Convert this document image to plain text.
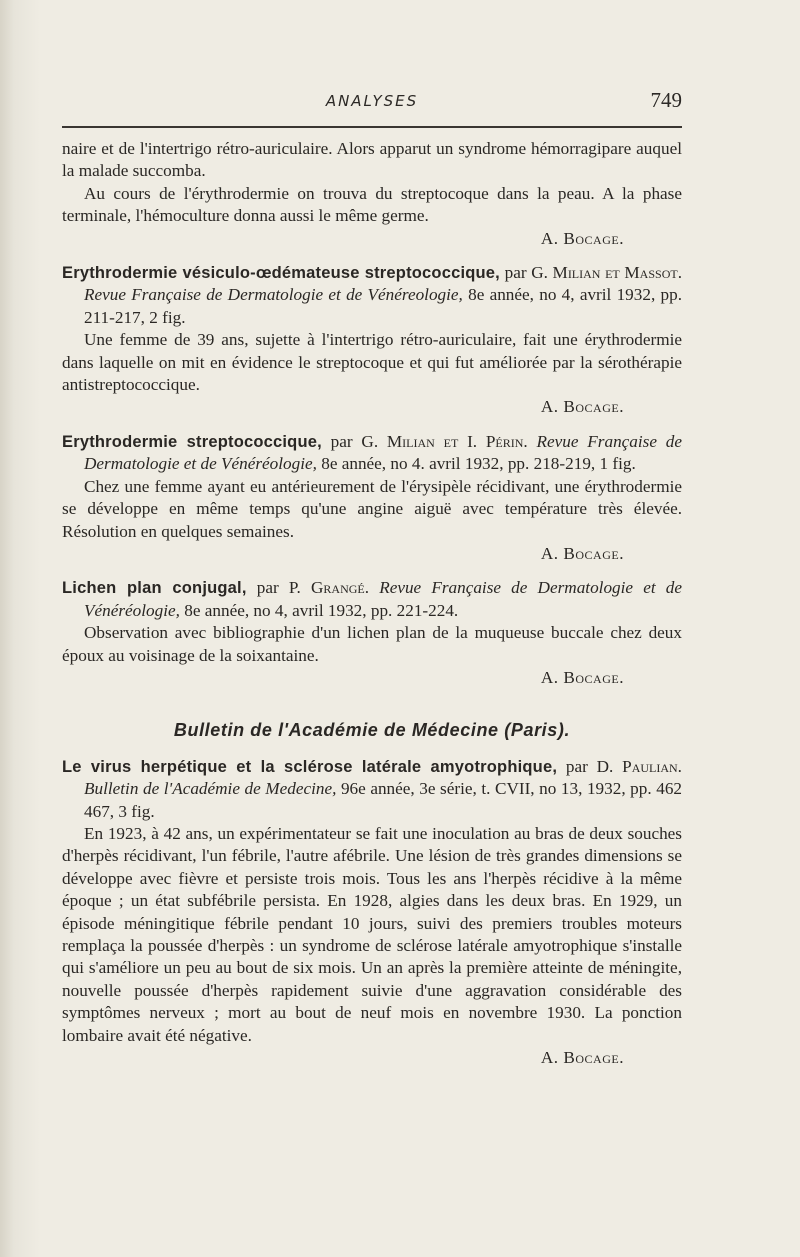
ANALYSES	749

naire et de l'intertrigo rétro-auriculaire. Alors apparut un syndrome hémorragipare auquel la malade succomba.

Au cours de l'érythrodermie on trouva du streptocoque dans la peau. A la phase terminale, l'hémoculture donna aussi le même germe.

A. Bocage.

Erythrodermie vésiculo-œdémateuse streptococcique, par G. Milian et Massot. Revue Française de Dermatologie et de Vénéreologie, 8e année, no 4, avril 1932, pp. 211-217, 2 fig.

Une femme de 39 ans, sujette à l'intertrigo rétro-auriculaire, fait une érythrodermie dans laquelle on mit en évidence le streptocoque et qui fut améliorée par la sérothérapie antistreptococcique.

A. Bocage.

Erythrodermie streptococcique, par G. Milian et I. Périn. Revue Française de Dermatologie et de Vénéréologie, 8e année, no 4. avril 1932, pp. 218-219, 1 fig.

Chez une femme ayant eu antérieurement de l'érysipèle récidivant, une érythrodermie se développe en même temps qu'une angine aiguë avec température très élevée. Résolution en quelques semaines.

A. Bocage.

Lichen plan conjugal, par P. Grangé. Revue Française de Dermatologie et de Vénéréologie, 8e année, no 4, avril 1932, pp. 221-224.

Observation avec bibliographie d'un lichen plan de la muqueuse buccale chez deux époux au voisinage de la soixantaine.

A. Bocage.

Bulletin de l'Académie de Médecine (Paris).

Le virus herpétique et la sclérose latérale amyotrophique, par D. Paulian. Bulletin de l'Académie de Medecine, 96e année, 3e série, t. CVII, no 13, 1932, pp. 462 467, 3 fig.

En 1923, à 42 ans, un expérimentateur se fait une inoculation au bras de deux souches d'herpès récidivant, l'un fébrile, l'autre afébrile. Une lésion de très grandes dimensions se développe avec fièvre et persiste trois mois. Tous les ans l'herpès récidive à la même époque ; un état subfébrile persista. En 1928, algies dans les deux bras. En 1929, un épisode méningitique fébrile pendant 10 jours, suivi des premiers troubles moteurs remplaça la poussée d'herpès : un syndrome de sclérose latérale amyotrophique s'installe qui s'améliore un peu au bout de six mois. Un an après la première atteinte de méningite, nouvelle poussée d'herpès rapidement suivie d'une aggravation considérable des symptômes nerveux ; mort au bout de neuf mois en novembre 1930. La ponction lombaire avait été négative.

A. Bocage.
